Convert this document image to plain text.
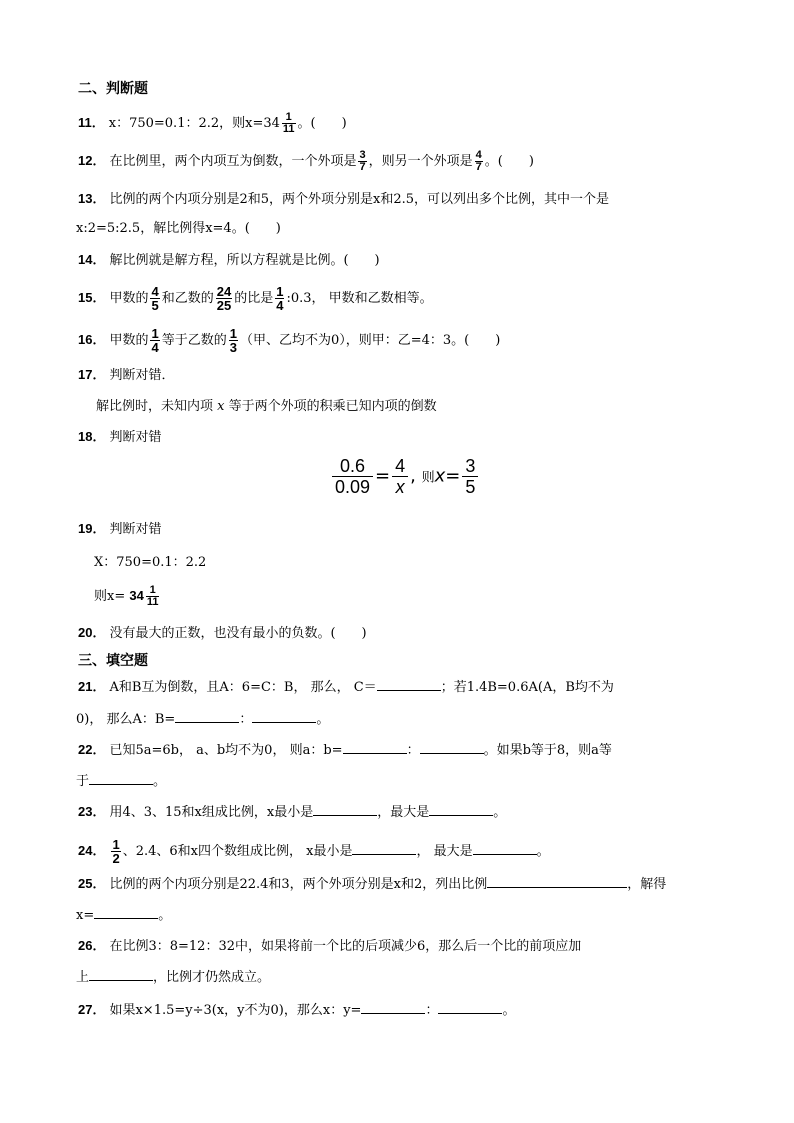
二、判断题
11． x：750=0.1：2.2，则$x=34 \frac{1}{11}$ 。(　　)
12． 在比例里，两个内项互为倒数，一个外项是 $\frac{3}{7}$ ，则另一个外项是 $\frac{4}{7}$ 。(　　)
13． 比例的两个内项分别是2和5，两个外项分别是x和2.5，可以列出多个比例，其中一个是
x:2=5:2.5，解比例得x=4。(　　)
14． 解比例就是解方程，所以方程就是比例。(　　)
15． 甲数的 $\frac{4}{5}$ 和乙数的 $\frac{24}{25}$ 的比是 $\frac{1}{4}$ :0.3， 甲数和乙数相等。
16． 甲数的 $\frac{1}{4}$ 等于乙数的 $\frac{1}{3}$ （甲、乙均不为0），则甲：乙=4：3。(　　)
17． 判断对错．
解比例时，未知内项 x 等于两个外项的积乘已知内项的倒数
18． 判断对错
$\frac{0.6}{0.09} = \frac{4}{x}$ , 则$x= \frac{3}{5}$
19． 判断对错
X：750=0.1：2.2
则$x= 34 \frac{1}{11}$
20． 没有最大的正数，也没有最小的负数。(　　)
三、填空题
21． A和B互为倒数，且A：6=C：B， 那么， C＝	；若1.4B=0.6A(A，B均不为
0)， 那么A：B=	：	。
22． 已知5a=6b， a、b均不为0， 则a：b=	：	。如果b等于8，则a等
于	。
23． 用4、3、15和x组成比例，x最小是	，最大是	。
24． $\frac{1}{2}$ 、2.4、6和x四个数组成比例， x最小是	， 最大是	。
25． 比例的两个内项分别是22.4和3，两个外项分别是x和2，列出比例	，解得
x=	。
26． 在比例3：8=12：32中，如果将前一个比的后项减少6，那么后一个比的前项应加
上	，比例才仍然成立。
27． 如果x×1.5=y÷3(x，y不为0)，那么x：y=	：	。
